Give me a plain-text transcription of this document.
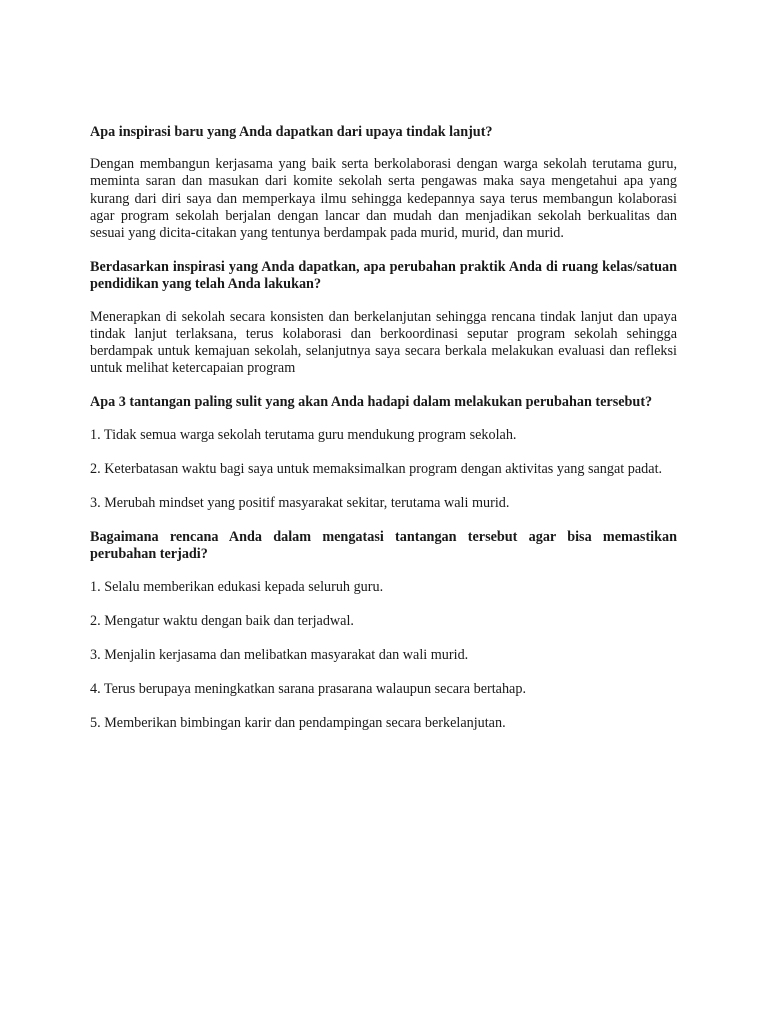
Apa inspirasi baru yang Anda dapatkan dari upaya tindak lanjut?

Dengan membangun kerjasama yang baik serta berkolaborasi dengan warga sekolah terutama guru, meminta saran dan masukan dari komite sekolah serta pengawas maka saya mengetahui apa yang kurang dari diri saya dan memperkaya ilmu sehingga kedepannya saya terus membangun kolaborasi agar program sekolah berjalan dengan lancar dan mudah dan menjadikan sekolah berkualitas dan sesuai yang dicita-citakan yang tentunya berdampak pada murid, murid, dan murid.

Berdasarkan inspirasi yang Anda dapatkan, apa perubahan praktik Anda di ruang kelas/satuan pendidikan yang telah Anda lakukan?

Menerapkan di sekolah secara konsisten dan berkelanjutan sehingga rencana tindak lanjut dan upaya tindak lanjut terlaksana, terus kolaborasi dan berkoordinasi seputar program sekolah sehingga berdampak untuk kemajuan sekolah, selanjutnya saya secara berkala melakukan evaluasi dan refleksi untuk melihat ketercapaian program

Apa 3 tantangan paling sulit yang akan Anda hadapi dalam melakukan perubahan tersebut?

1. Tidak semua warga sekolah terutama guru mendukung program sekolah.

2. Keterbatasan waktu bagi saya untuk memaksimalkan program dengan aktivitas yang sangat padat.

3. Merubah mindset yang positif masyarakat sekitar, terutama wali murid.

Bagaimana rencana Anda dalam mengatasi tantangan tersebut agar bisa memastikan perubahan terjadi?

1. Selalu memberikan edukasi kepada seluruh guru.

2. Mengatur waktu dengan baik dan terjadwal.

3. Menjalin kerjasama dan melibatkan masyarakat dan wali murid.

4. Terus berupaya meningkatkan sarana prasarana walaupun secara bertahap.

5. Memberikan bimbingan karir dan pendampingan secara berkelanjutan.
